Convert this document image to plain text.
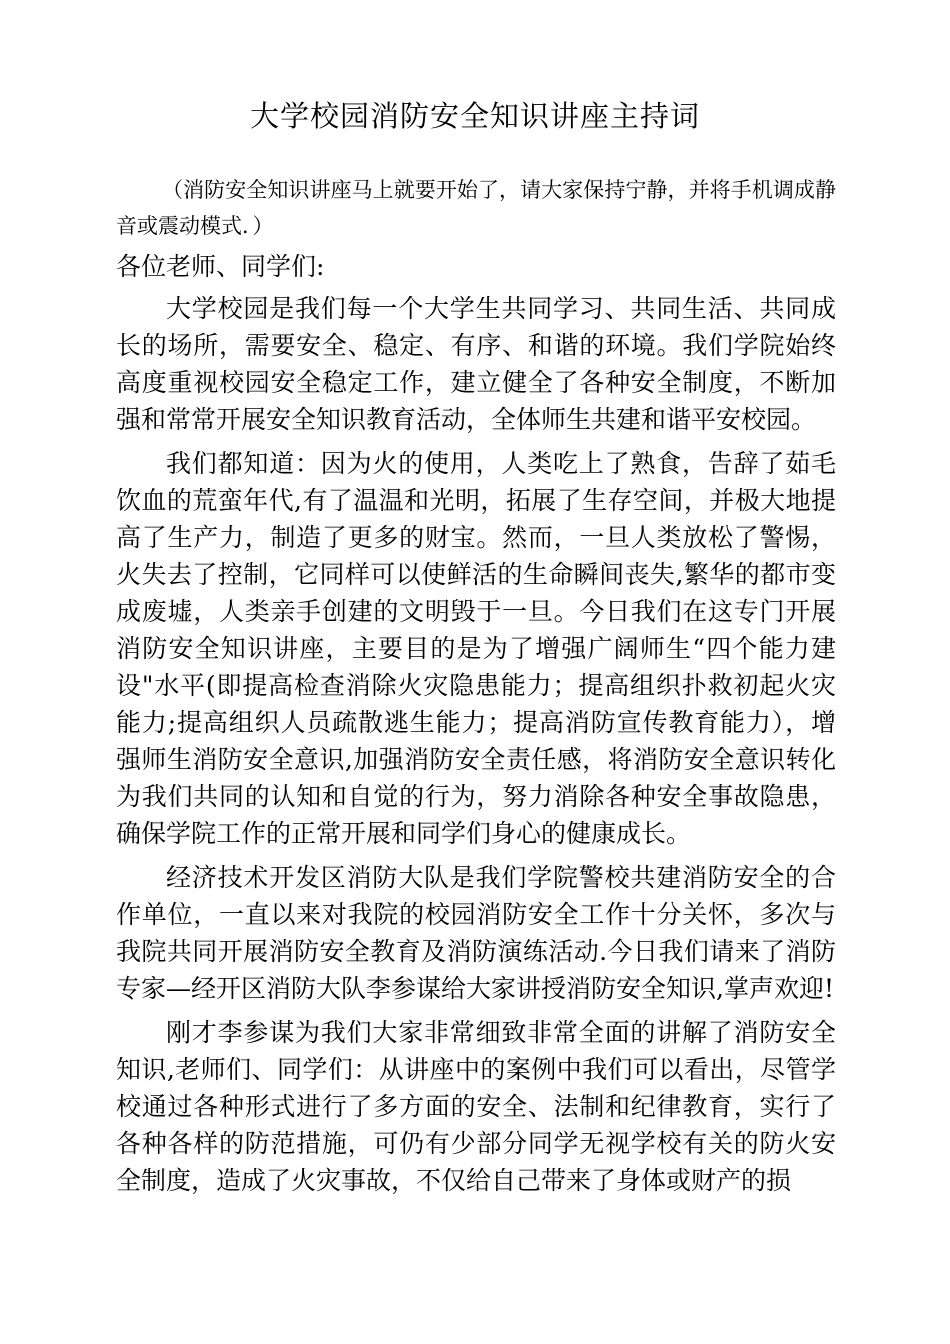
大学校园消防安全知识讲座主持词
（消防安全知识讲座马上就要开始了，请大家保持宁静，并将手机调成静音或震动模式．）

各位老师、同学们:

大学校园是我们每一个大学生共同学习、共同生活、共同成长的场所，需要安全、稳定、有序、和谐的环境。我们学院始终高度重视校园安全稳定工作，建立健全了各种安全制度，不断加强和常常开展安全知识教育活动，全体师生共建和谐平安校园。

我们都知道：因为火的使用，人类吃上了熟食，告辞了茹毛饮血的荒蛮年代,有了温温和光明，拓展了生存空间，并极大地提高了生产力，制造了更多的财宝。然而，一旦人类放松了警惕，火失去了控制，它同样可以使鲜活的生命瞬间丧失,繁华的都市变成废墟，人类亲手创建的文明毁于一旦。今日我们在这专门开展消防安全知识讲座，主要目的是为了增强广阔师生“四个能力建设"水平(即提高检查消除火灾隐患能力；提高组织扑救初起火灾能力;提高组织人员疏散逃生能力；提高消防宣传教育能力），增强师生消防安全意识,加强消防安全责任感，将消防安全意识转化为我们共同的认知和自觉的行为，努力消除各种安全事故隐患，确保学院工作的正常开展和同学们身心的健康成长。

经济技术开发区消防大队是我们学院警校共建消防安全的合作单位，一直以来对我院的校园消防安全工作十分关怀，多次与我院共同开展消防安全教育及消防演练活动.今日我们请来了消防专家—经开区消防大队李参谋给大家讲授消防安全知识,掌声欢迎!

刚才李参谋为我们大家非常细致非常全面的讲解了消防安全知识,老师们、同学们：从讲座中的案例中我们可以看出，尽管学校通过各种形式进行了多方面的安全、法制和纪律教育，实行了各种各样的防范措施，可仍有少部分同学无视学校有关的防火安全制度，造成了火灾事故，不仅给自己带来了身体或财产的损
